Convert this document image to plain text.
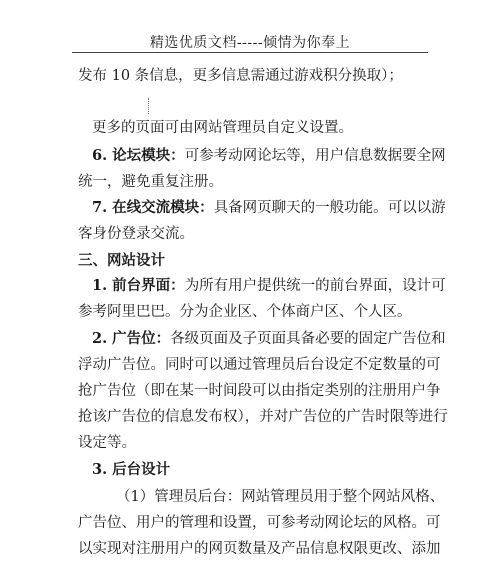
精选优质文档-----倾情为你奉上
发布 10 条信息，更多信息需通过游戏积分换取）；
更多的页面可由网站管理员自定义设置。
6. 论坛模块：可参考动网论坛等，用户信息数据要全网
统一，避免重复注册。
7. 在线交流模块：具备网页聊天的一般功能。可以以游
客身份登录交流。
三、网站设计
1. 前台界面：为所有用户提供统一的前台界面，设计可
参考阿里巴巴。分为企业区、个体商户区、个人区。
2. 广告位：各级页面及子页面具备必要的固定广告位和
浮动广告位。同时可以通过管理员后台设定不定数量的可
抢广告位（即在某一时间段可以由指定类别的注册用户争
抢该广告位的信息发布权），并对广告位的广告时限等进行
设定等。
3. 后台设计
（1）管理员后台：网站管理员用于整个网站风格、
广告位、用户的管理和设置，可参考动网论坛的风格。可
以实现对注册用户的网页数量及产品信息权限更改、添加
